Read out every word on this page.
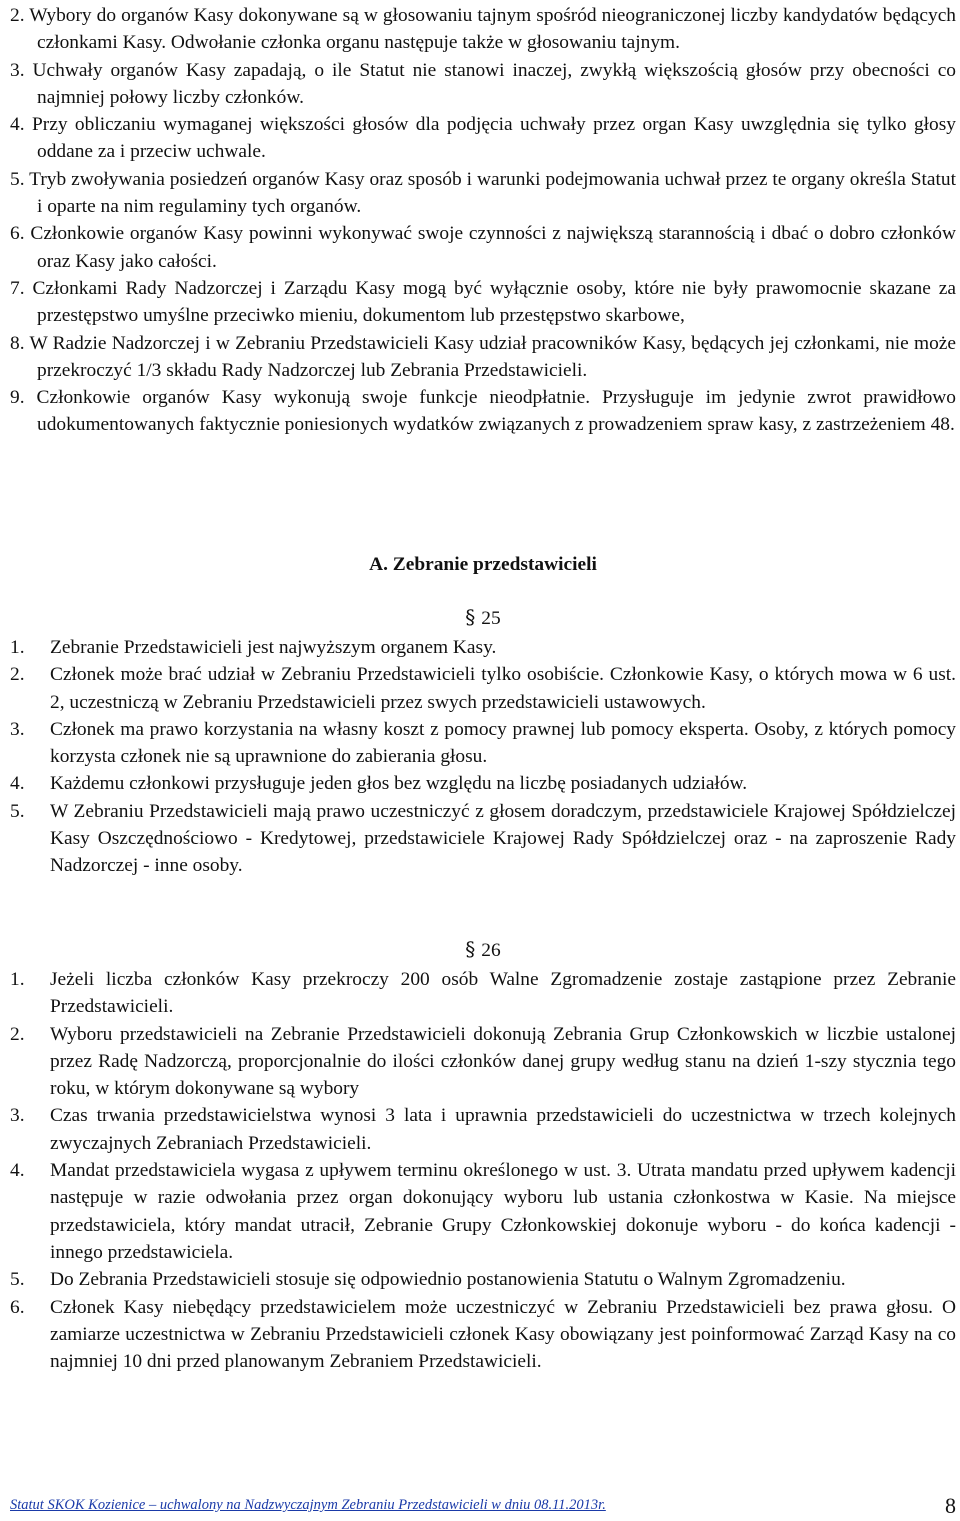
2. Wybory do organów Kasy dokonywane są w głosowaniu tajnym spośród nieograniczonej liczby kandydatów będących członkami Kasy. Odwołanie członka organu następuje także w głosowaniu tajnym.
3. Uchwały organów Kasy zapadają, o ile Statut nie stanowi inaczej, zwykłą większością głosów przy obecności co najmniej połowy liczby członków.
4. Przy obliczaniu wymaganej większości głosów dla podjęcia uchwały przez organ Kasy uwzględnia się tylko głosy oddane za i przeciw uchwale.
5. Tryb zwoływania posiedzeń organów Kasy oraz sposób i warunki podejmowania uchwał przez te organy określa Statut i oparte na nim regulaminy tych organów.
6. Członkowie organów Kasy powinni wykonywać swoje czynności z największą starannością i dbać o dobro członków oraz Kasy jako całości.
7. Członkami Rady Nadzorczej i Zarządu Kasy mogą być wyłącznie osoby, które nie były prawomocnie skazane za przestępstwo umyślne przeciwko mieniu, dokumentom lub przestępstwo skarbowe,
8. W Radzie Nadzorczej i w Zebraniu Przedstawicieli Kasy udział pracowników Kasy, będących jej członkami, nie może przekroczyć 1/3 składu Rady Nadzorczej lub Zebrania Przedstawicieli.
9. Członkowie organów Kasy wykonują swoje funkcje nieodpłatnie. Przysługuje im jedynie zwrot prawidłowo udokumentowanych faktycznie poniesionych wydatków związanych z prowadzeniem spraw kasy, z zastrzeżeniem 48.
A. Zebranie przedstawicieli
§ 25
1. Zebranie Przedstawicieli jest najwyższym organem Kasy.
2. Członek może brać udział w Zebraniu Przedstawicieli tylko osobiście. Członkowie Kasy, o których mowa w 6 ust. 2, uczestniczą w Zebraniu Przedstawicieli przez swych przedstawicieli ustawowych.
3. Członek ma prawo korzystania na własny koszt z pomocy prawnej lub pomocy eksperta. Osoby, z których pomocy korzysta członek nie są uprawnione do zabierania głosu.
4. Każdemu członkowi przysługuje jeden głos bez względu na liczbę posiadanych udziałów.
5. W Zebraniu Przedstawicieli mają prawo uczestniczyć z głosem doradczym, przedstawiciele Krajowej Spółdzielczej Kasy Oszczędnościowo - Kredytowej, przedstawiciele Krajowej Rady Spółdzielczej oraz - na zaproszenie Rady Nadzorczej - inne osoby.
§ 26
1. Jeżeli liczba członków Kasy przekroczy 200 osób Walne Zgromadzenie zostaje zastąpione przez Zebranie Przedstawicieli.
2. Wyboru przedstawicieli na Zebranie Przedstawicieli dokonują Zebrania Grup Członkowskich w liczbie ustalonej przez Radę Nadzorczą, proporcjonalnie do ilości członków danej grupy według stanu na dzień 1-szy stycznia tego roku, w którym dokonywane są wybory
3. Czas trwania przedstawicielstwa wynosi 3 lata i uprawnia przedstawicieli do uczestnictwa w trzech kolejnych zwyczajnych Zebraniach Przedstawicieli.
4. Mandat przedstawiciela wygasa z upływem terminu określonego w ust. 3. Utrata mandatu przed upływem kadencji następuje w razie odwołania przez organ dokonujący wyboru lub ustania członkostwa w Kasie. Na miejsce przedstawiciela, który mandat utracił, Zebranie Grupy Członkowskiej dokonuje wyboru - do końca kadencji - innego przedstawiciela.
5. Do Zebrania Przedstawicieli stosuje się odpowiednio postanowienia Statutu o Walnym Zgromadzeniu.
6. Członek Kasy niebędący przedstawicielem może uczestniczyć w Zebraniu Przedstawicieli bez prawa głosu. O zamiarze uczestnictwa w Zebraniu Przedstawicieli członek Kasy obowiązany jest poinformować Zarząd Kasy na co najmniej 10 dni przed planowanym Zebraniem Przedstawicieli.
Statut SKOK Kozienice – uchwalony na Nadzwyczajnym Zebraniu Przedstawicieli w dniu 08.11.2013r.	8
